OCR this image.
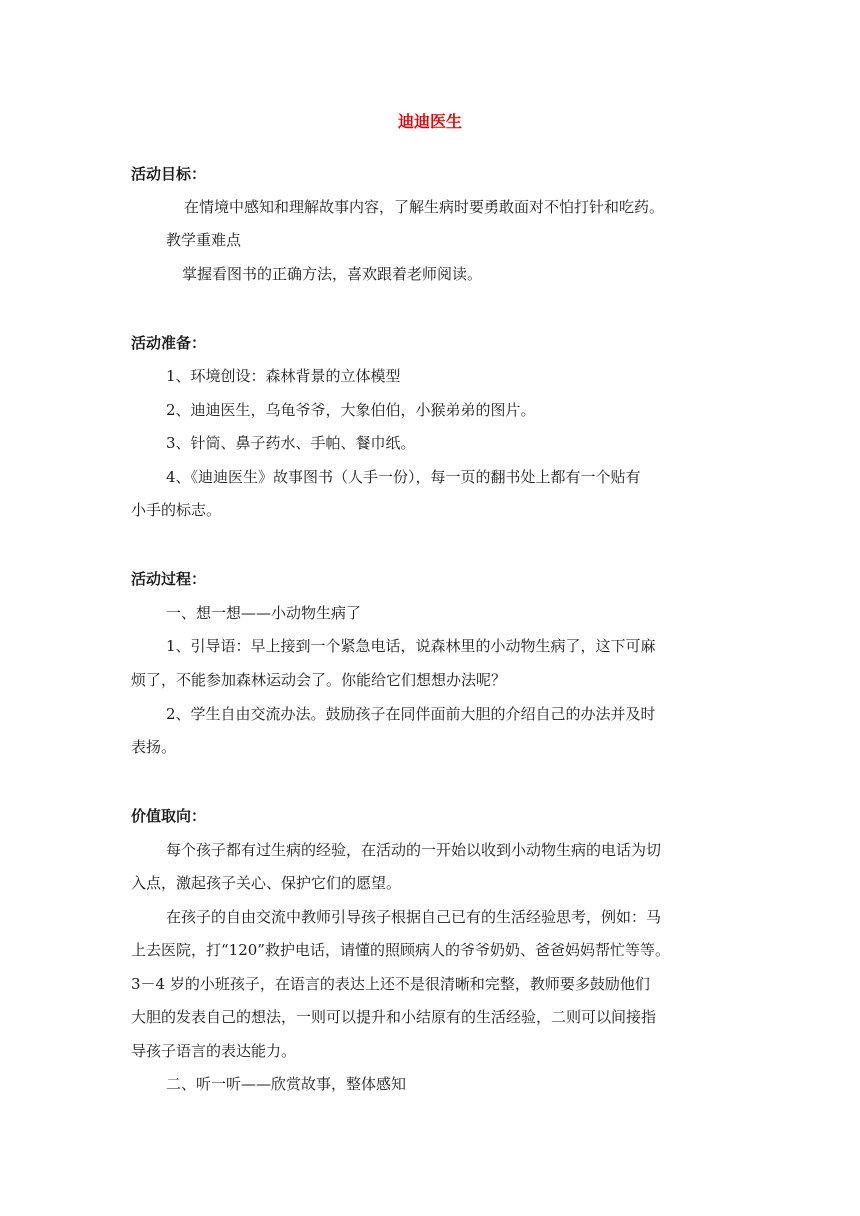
迪迪医生
活动目标：
在情境中感知和理解故事内容，了解生病时要勇敢面对不怕打针和吃药。
教学重难点
掌握看图书的正确方法，喜欢跟着老师阅读。
活动准备：
1、环境创设：森林背景的立体模型
2、迪迪医生，乌龟爷爷，大象伯伯，小猴弟弟的图片。
3、针筒、鼻子药水、手帕、餐巾纸。
4、《迪迪医生》故事图书（人手一份），每一页的翻书处上都有一个贴有
小手的标志。
活动过程：
一、想一想——小动物生病了
1、引导语：早上接到一个紧急电话，说森林里的小动物生病了，这下可麻
烦了，不能参加森林运动会了。你能给它们想想办法呢？
2、学生自由交流办法。鼓励孩子在同伴面前大胆的介绍自己的办法并及时
表扬。
价值取向：
每个孩子都有过生病的经验，在活动的一开始以收到小动物生病的电话为切
入点，激起孩子关心、保护它们的愿望。
在孩子的自由交流中教师引导孩子根据自己已有的生活经验思考，例如：马
上去医院，打“120”救护电话，请懂的照顾病人的爷爷奶奶、爸爸妈妈帮忙等等。
3－4 岁的小班孩子，在语言的表达上还不是很清晰和完整，教师要多鼓励他们
大胆的发表自己的想法，一则可以提升和小结原有的生活经验，二则可以间接指
导孩子语言的表达能力。
二、听一听——欣赏故事，整体感知
